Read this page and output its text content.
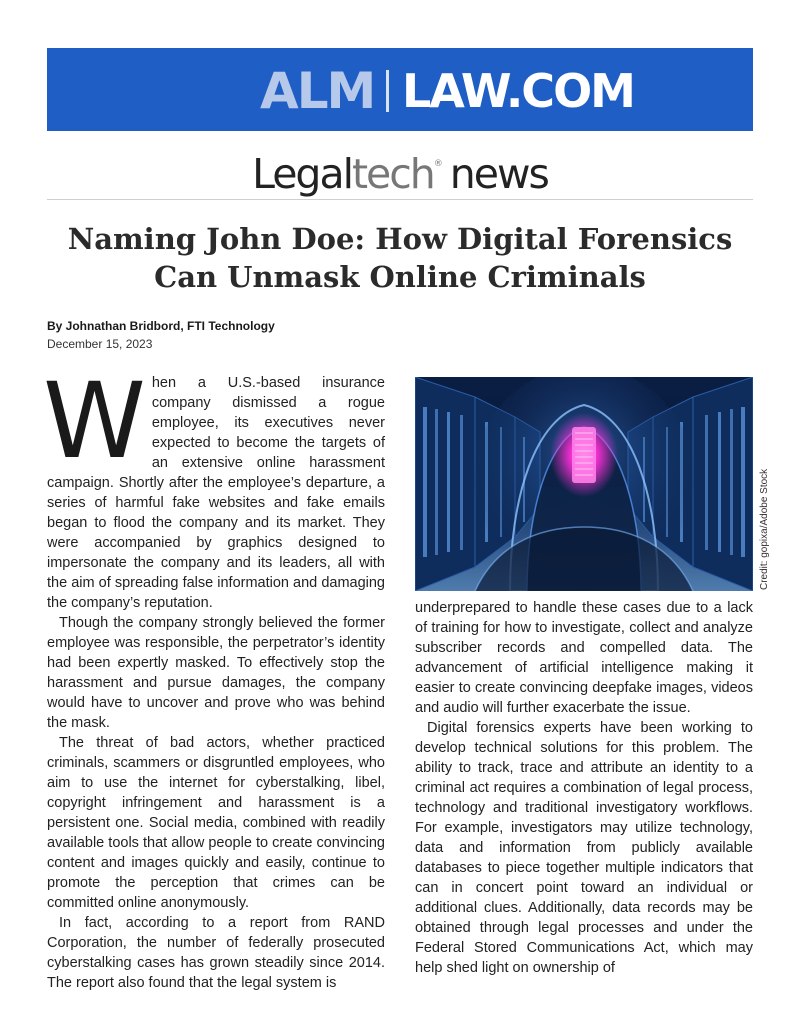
ALM LAW.COM
Legaltech® news
Naming John Doe: How Digital Forensics Can Unmask Online Criminals
By Johnathan Bridbord, FTI Technology
December 15, 2023

When a U.S.-based insurance company dismissed a rogue employee, its executives never expected to become the targets of an extensive online harassment campaign. Shortly after the employee’s departure, a series of harmful fake websites and fake emails began to flood the company and its market. They were accompanied by graphics designed to impersonate the company and its leaders, all with the aim of spreading false information and damaging the company’s reputation.

Though the company strongly believed the former employee was responsible, the perpetrator’s identity had been expertly masked. To effectively stop the harassment and pursue damages, the company would have to uncover and prove who was behind the mask.

The threat of bad actors, whether practiced criminals, scammers or disgruntled employees, who aim to use the internet for cyberstalking, libel, copyright infringement and harassment is a persistent one. Social media, combined with readily available tools that allow people to create convincing content and images quickly and easily, continue to promote the perception that crimes can be committed online anonymously.

In fact, according to a report from RAND Corporation, the number of federally prosecuted cyberstalking cases has grown steadily since 2014. The report also found that the legal system is

Credit: gopixa/Adobe Stock

underprepared to handle these cases due to a lack of training for how to investigate, collect and analyze subscriber records and compelled data. The advancement of artificial intelligence making it easier to create convincing deepfake images, videos and audio will further exacerbate the issue.

Digital forensics experts have been working to develop technical solutions for this problem. The ability to track, trace and attribute an identity to a criminal act requires a combination of legal process, technology and traditional investigatory workflows. For example, investigators may utilize technology, data and information from publicly available databases to piece together multiple indicators that can in concert point toward an individual or additional clues. Additionally, data records may be obtained through legal processes and under the Federal Stored Communications Act, which may help shed light on ownership of
